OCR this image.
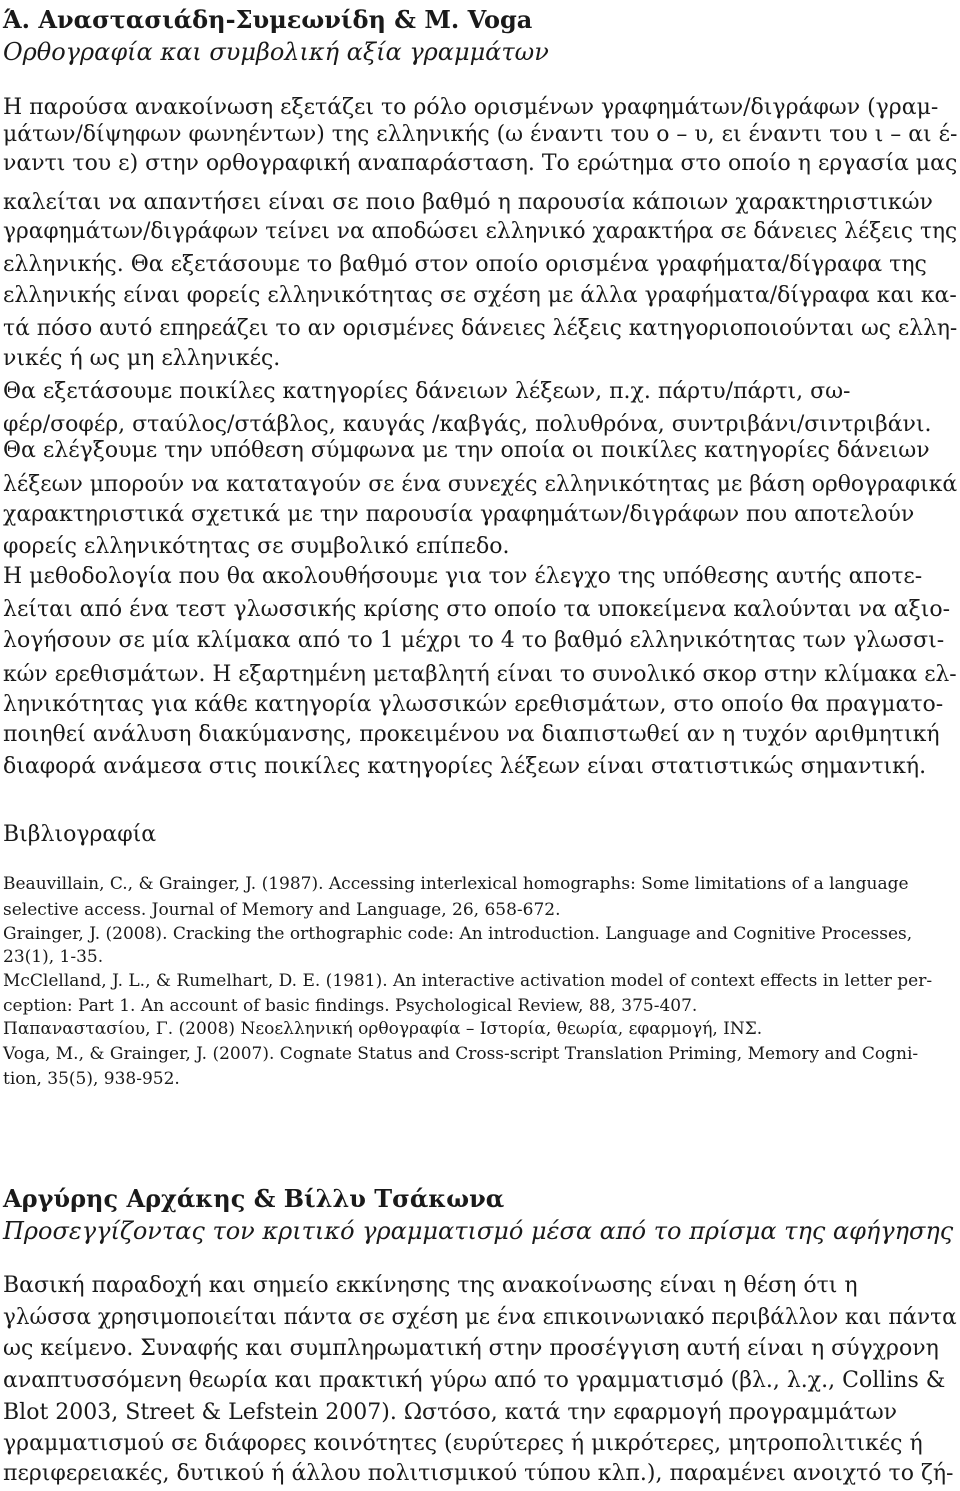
Ά. Αναστασιάδη-Συμεωνίδη & Μ. Voga
Ορθογραφία και συμβολική αξία γραμμάτων
Η παρούσα ανακοίνωση εξετάζει το ρόλο ορισμένων γραφημάτων/διγράφων (γραμ-
μάτων/δίψηφων φωνηέντων) της ελληνικής (ω έναντι του ο – υ, ει έναντι του ι – αι έ-
ναντι του ε) στην ορθογραφική αναπαράσταση. Το ερώτημα στο οποίο η εργασία μας
καλείται να απαντήσει είναι σε ποιο βαθμό η παρουσία κάποιων χαρακτηριστικών
γραφημάτων/διγράφων τείνει να αποδώσει ελληνικό χαρακτήρα σε δάνειες λέξεις της
ελληνικής. Θα εξετάσουμε το βαθμό στον οποίο ορισμένα γραφήματα/δίγραφα της
ελληνικής είναι φορείς ελληνικότητας σε σχέση με άλλα γραφήματα/δίγραφα και κα-
τά πόσο αυτό επηρεάζει το αν ορισμένες δάνειες λέξεις κατηγοριοποιούνται ως ελλη-
νικές ή ως μη ελληνικές.
Θα εξετάσουμε ποικίλες κατηγορίες δάνειων λέξεων, π.χ. πάρτυ/πάρτι, σω-
φέρ/σοφέρ, σταύλος/στάβλος, καυγάς /καβγάς, πολυθρόνα, συντριβάνι/σιντριβάνι.
Θα ελέγξουμε την υπόθεση σύμφωνα με την οποία οι ποικίλες κατηγορίες δάνειων
λέξεων μπορούν να καταταγούν σε ένα συνεχές ελληνικότητας με βάση ορθογραφικά
χαρακτηριστικά σχετικά με την παρουσία γραφημάτων/διγράφων που αποτελούν
φορείς ελληνικότητας σε συμβολικό επίπεδο.
Η μεθοδολογία που θα ακολουθήσουμε για τον έλεγχο της υπόθεσης αυτής αποτε-
λείται από ένα τεστ γλωσσικής κρίσης στο οποίο τα υποκείμενα καλούνται να αξιο-
λογήσουν σε μία κλίμακα από το 1 μέχρι το 4 το βαθμό ελληνικότητας των γλωσσι-
κών ερεθισμάτων. Η εξαρτημένη μεταβλητή είναι το συνολικό σκορ στην κλίμακα ελ-
ληνικότητας για κάθε κατηγορία γλωσσικών ερεθισμάτων, στο οποίο θα πραγματο-
ποιηθεί ανάλυση διακύμανσης, προκειμένου να διαπιστωθεί αν η τυχόν αριθμητική
διαφορά ανάμεσα στις ποικίλες κατηγορίες λέξεων είναι στατιστικώς σημαντική.
Βιβλιογραφία
Beauvillain, C., & Grainger, J. (1987). Accessing interlexical homographs: Some limitations of a language
selective access. Journal of Memory and Language, 26, 658-672.
Grainger, J. (2008). Cracking the orthographic code: An introduction. Language and Cognitive Processes,
23(1), 1-35.
McClelland, J. L., & Rumelhart, D. E. (1981). An interactive activation model of context effects in letter per-
ception: Part 1. An account of basic findings. Psychological Review, 88, 375-407.
Παπαναστασίου, Γ. (2008) Νεοελληνική ορθογραφία – Ιστορία, θεωρία, εφαρμογή, ΙΝΣ.
Voga, M., & Grainger, J. (2007). Cognate Status and Cross-script Translation Priming, Memory and Cogni-
tion, 35(5), 938-952.
Αργύρης Αρχάκης & Βίλλυ Τσάκωνα
Προσεγγίζοντας τον κριτικό γραμματισμό μέσα από το πρίσμα της αφήγησης
Βασική παραδοχή και σημείο εκκίνησης της ανακοίνωσης είναι η θέση ότι η
γλώσσα χρησιμοποιείται πάντα σε σχέση με ένα επικοινωνιακό περιβάλλον και πάντα
ως κείμενο. Συναφής και συμπληρωματική στην προσέγγιση αυτή είναι η σύγχρονη
αναπτυσσόμενη θεωρία και πρακτική γύρω από το γραμματισμό (βλ., λ.χ., Collins &
Blot 2003, Street & Lefstein 2007). Ωστόσο, κατά την εφαρμογή προγραμμάτων
γραμματισμού σε διάφορες κοινότητες (ευρύτερες ή μικρότερες, μητροπολιτικές ή
περιφερειακές, δυτικού ή άλλου πολιτισμικού τύπου κλπ.), παραμένει ανοιχτό το ζή-
